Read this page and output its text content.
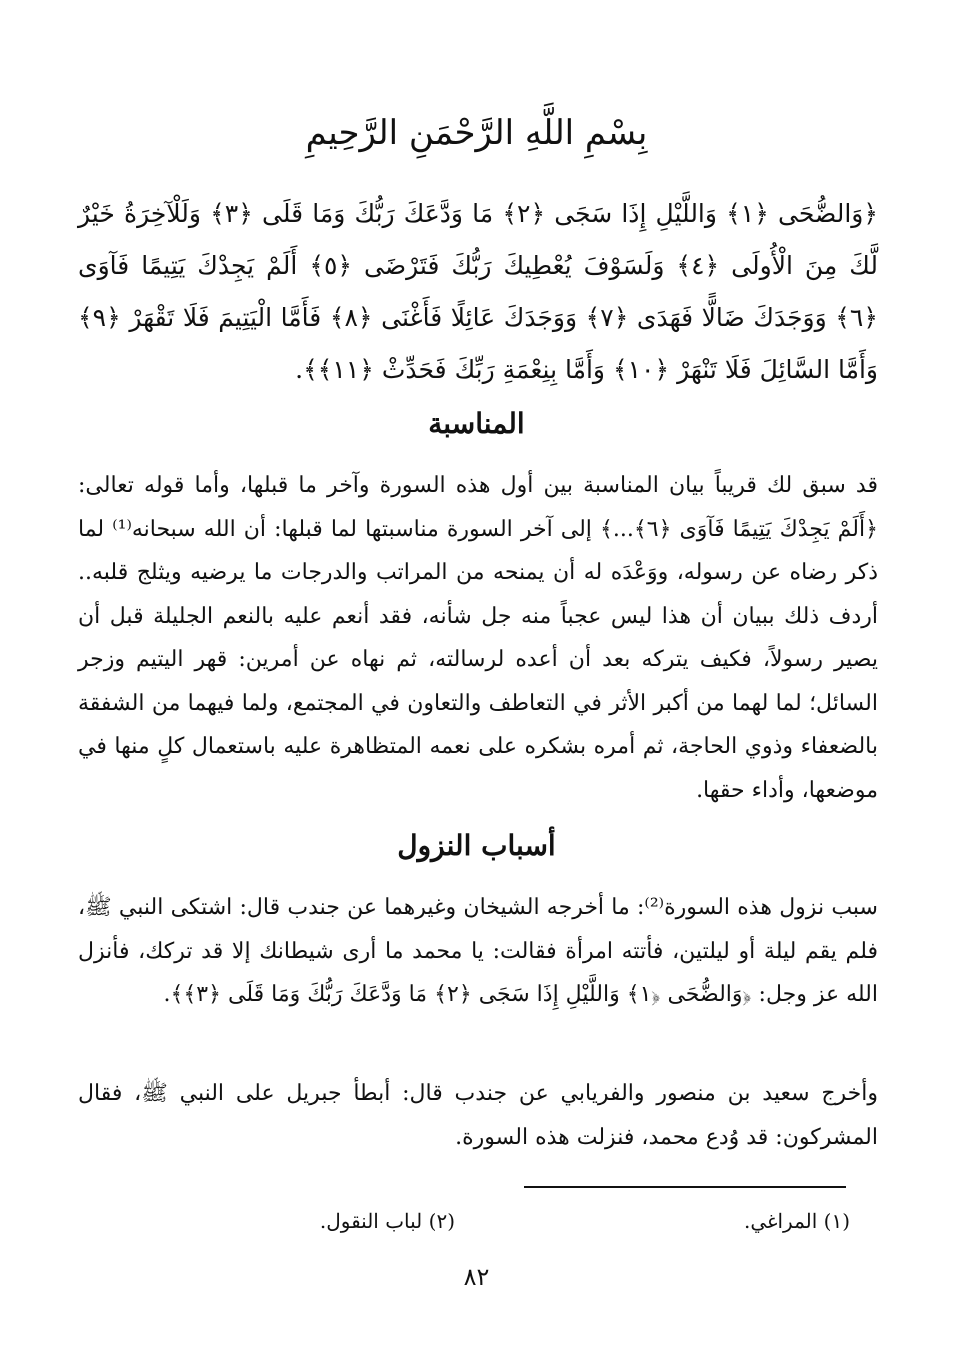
بِسْمِ اللَّهِ الرَّحْمَنِ الرَّحِيمِ
﴿وَالضُّحَى ﴿١﴾ وَاللَّيْلِ إِذَا سَجَى ﴿٢﴾ مَا وَدَّعَكَ رَبُّكَ وَمَا قَلَى ﴿٣﴾ وَلَلْآخِرَةُ خَيْرٌ لَّكَ مِنَ الْأُولَى ﴿٤﴾ وَلَسَوْفَ يُعْطِيكَ رَبُّكَ فَتَرْضَى ﴿٥﴾ أَلَمْ يَجِدْكَ يَتِيمًا فَآوَى ﴿٦﴾ وَوَجَدَكَ ضَالًّا فَهَدَى ﴿٧﴾ وَوَجَدَكَ عَائِلًا فَأَغْنَى ﴿٨﴾ فَأَمَّا الْيَتِيمَ فَلَا تَقْهَرْ ﴿٩﴾ وَأَمَّا السَّائِلَ فَلَا تَنْهَرْ ﴿١٠﴾ وَأَمَّا بِنِعْمَةِ رَبِّكَ فَحَدِّثْ ﴿١١﴾﴾.
المناسبة
قد سبق لك قريباً بيان المناسبة بين أول هذه السورة وآخر ما قبلها، وأما قوله تعالى: ﴿أَلَمْ يَجِدْكَ يَتِيمًا فَآوَى ﴿٦﴾...﴾ إلى آخر السورة مناسبتها لما قبلها: أن الله سبحانه⁽¹⁾ لما ذكر رضاه عن رسوله، ووَعْدَه له أن يمنحه من المراتب والدرجات ما يرضيه ويثلج قلبه.. أردف ذلك ببيان أن هذا ليس عجباً منه جل شأنه، فقد أنعم عليه بالنعم الجليلة قبل أن يصير رسولاً، فكيف يتركه بعد أن أعده لرسالته، ثم نهاه عن أمرين: قهر اليتيم وزجر السائل؛ لما لهما من أكبر الأثر في التعاطف والتعاون في المجتمع، ولما فيهما من الشفقة بالضعفاء وذوي الحاجة، ثم أمره بشكره على نعمه المتظاهرة عليه باستعمال كلٍ منها في موضعها، وأداء حقها.
أسباب النزول
سبب نزول هذه السورة⁽²⁾: ما أخرجه الشيخان وغيرهما عن جندب قال: اشتكى النبي ﷺ، فلم يقم ليلة أو ليلتين، فأتته امرأة فقالت: يا محمد ما أرى شيطانك إلا قد تركك، فأنزل الله عز وجل: ﴿وَالضُّحَى ﴿١﴾ وَاللَّيْلِ إِذَا سَجَى ﴿٢﴾ مَا وَدَّعَكَ رَبُّكَ وَمَا قَلَى ﴿٣﴾﴾.
وأخرج سعيد بن منصور والفريابي عن جندب قال: أبطأ جبريل على النبي ﷺ، فقال المشركون: قد وُدع محمد، فنزلت هذه السورة.
(١) المراغي.
(٢) لباب النقول.
٨٢
